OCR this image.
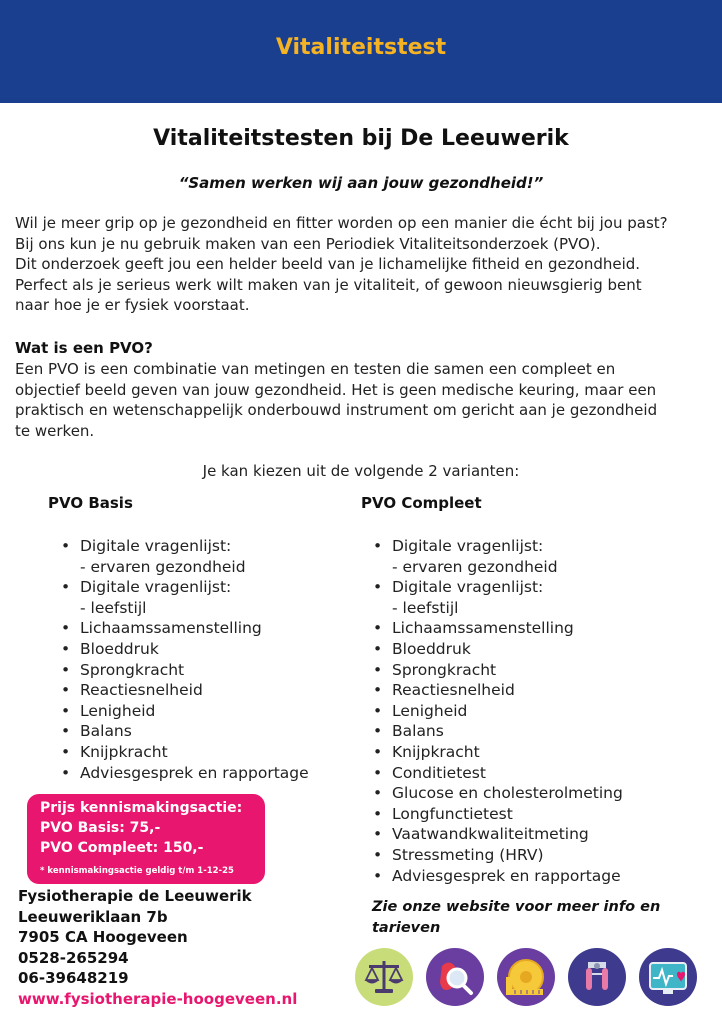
Vitaliteitstest
Vitaliteitstesten bij De Leeuwerik
“Samen werken wij aan jouw gezondheid!”
Wil je meer grip op je gezondheid en fitter worden op een manier die écht bij jou past?
Bij ons kun je nu gebruik maken van een Periodiek Vitaliteitsonderzoek (PVO).
Dit onderzoek geeft jou een helder beeld van je lichamelijke fitheid en gezondheid.
Perfect als je serieus werk wilt maken van je vitaliteit, of gewoon nieuwsgierig bent
naar hoe je er fysiek voorstaat.
Wat is een PVO?
Een PVO is een combinatie van metingen en testen die samen een compleet en
objectief beeld geven van jouw gezondheid. Het is geen medische keuring, maar een
praktisch en wetenschappelijk onderbouwd instrument om gericht aan je gezondheid
te werken.
Je kan kiezen uit de volgende 2 varianten:
PVO Basis	PVO Compleet
• Digitale vragenlijst:
- ervaren gezondheid
• Digitale vragenlijst:
- leefstijl
• Lichaamssamenstelling
• Bloeddruk
• Sprongkracht
• Reactiesnelheid
• Lenigheid
• Balans
• Knijpkracht
• Adviesgesprek en rapportage
• Digitale vragenlijst:
- ervaren gezondheid
• Digitale vragenlijst:
- leefstijl
• Lichaamssamenstelling
• Bloeddruk
• Sprongkracht
• Reactiesnelheid
• Lenigheid
• Balans
• Knijpkracht
• Conditietest
• Glucose en cholesterolmeting
• Longfunctietest
• Vaatwandkwaliteitmeting
• Stressmeting (HRV)
• Adviesgesprek en rapportage
Prijs kennismakingsactie:
PVO Basis: 75,-
PVO Compleet: 150,-
* kennismakingsactie geldig t/m 1-12-25
Fysiotherapie de Leeuwerik
Leeuweriklaan 7b
7905 CA Hoogeveen
0528-265294
06-39648219
www.fysiotherapie-hoogeveen.nl
Zie onze website voor meer info en
tarieven
